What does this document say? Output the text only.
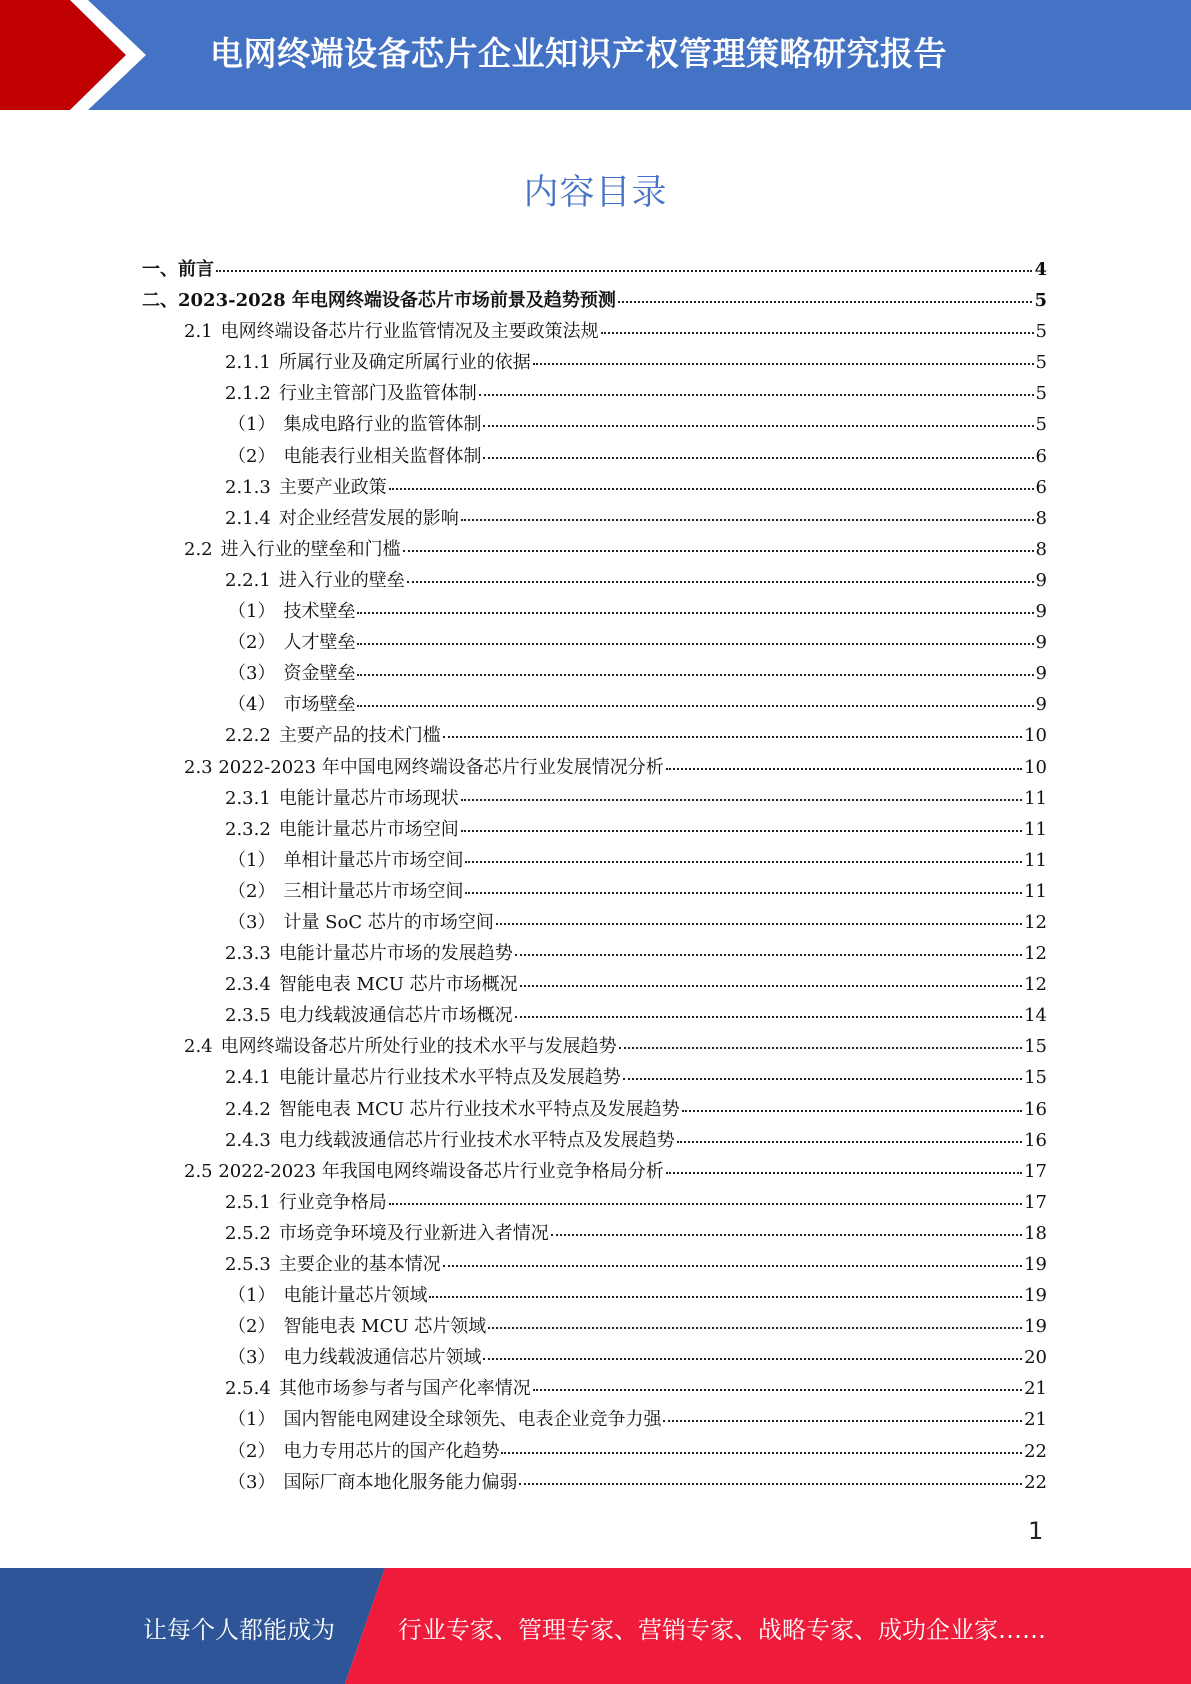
电网终端设备芯片企业知识产权管理策略研究报告
内容目录
一、前言	4
二、2023-2028 年电网终端设备芯片市场前景及趋势预测	5
2.1 电网终端设备芯片行业监管情况及主要政策法规	5
2.1.1 所属行业及确定所属行业的依据	5
2.1.2 行业主管部门及监管体制	5
（1） 集成电路行业的监管体制	5
（2） 电能表行业相关监督体制	6
2.1.3 主要产业政策	6
2.1.4 对企业经营发展的影响	8
2.2 进入行业的壁垒和门槛	8
2.2.1 进入行业的壁垒	9
（1） 技术壁垒	9
（2） 人才壁垒	9
（3） 资金壁垒	9
（4） 市场壁垒	9
2.2.2 主要产品的技术门槛	10
2.3 2022-2023 年中国电网终端设备芯片行业发展情况分析	10
2.3.1 电能计量芯片市场现状	11
2.3.2 电能计量芯片市场空间	11
（1） 单相计量芯片市场空间	11
（2） 三相计量芯片市场空间	11
（3） 计量 SoC 芯片的市场空间	12
2.3.3 电能计量芯片市场的发展趋势	12
2.3.4 智能电表 MCU 芯片市场概况	12
2.3.5 电力线载波通信芯片市场概况	14
2.4 电网终端设备芯片所处行业的技术水平与发展趋势	15
2.4.1 电能计量芯片行业技术水平特点及发展趋势	15
2.4.2 智能电表 MCU 芯片行业技术水平特点及发展趋势	16
2.4.3 电力线载波通信芯片行业技术水平特点及发展趋势	16
2.5 2022-2023 年我国电网终端设备芯片行业竞争格局分析	17
2.5.1 行业竞争格局	17
2.5.2 市场竞争环境及行业新进入者情况	18
2.5.3 主要企业的基本情况	19
（1） 电能计量芯片领域	19
（2） 智能电表 MCU 芯片领域	19
（3） 电力线载波通信芯片领域	20
2.5.4 其他市场参与者与国产化率情况	21
（1） 国内智能电网建设全球领先、电表企业竞争力强	21
（2） 电力专用芯片的国产化趋势	22
（3） 国际厂商本地化服务能力偏弱	22
1
让每个人都能成为	行业专家、管理专家、营销专家、战略专家、成功企业家……
